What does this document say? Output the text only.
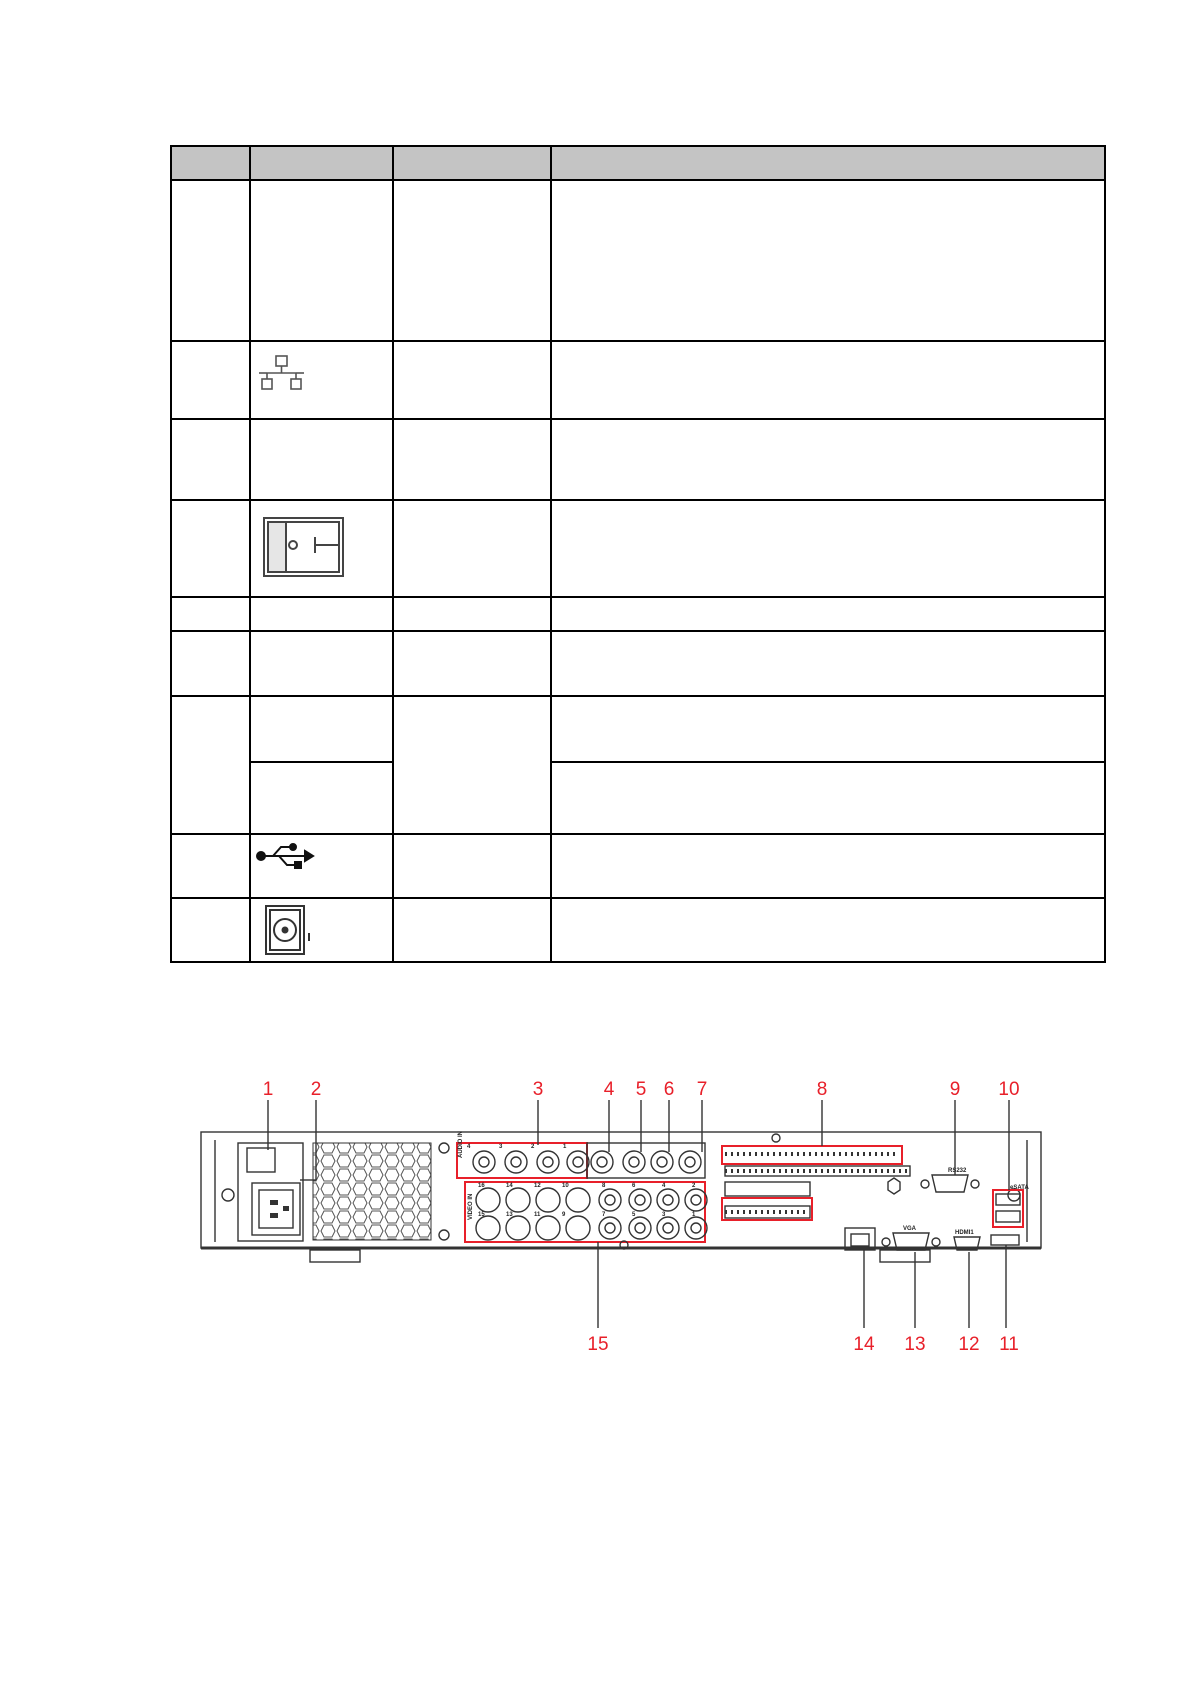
AUDIO IN 4	3	2	1
VIDEO IN
16	14	12	10
15	13	11	9
8	6	4	2
7	5	3	1
RS232
eSATA
HDMI1
VGA
1 2	3	4 5 6 7	8	9 10
15	14 13 12 11
